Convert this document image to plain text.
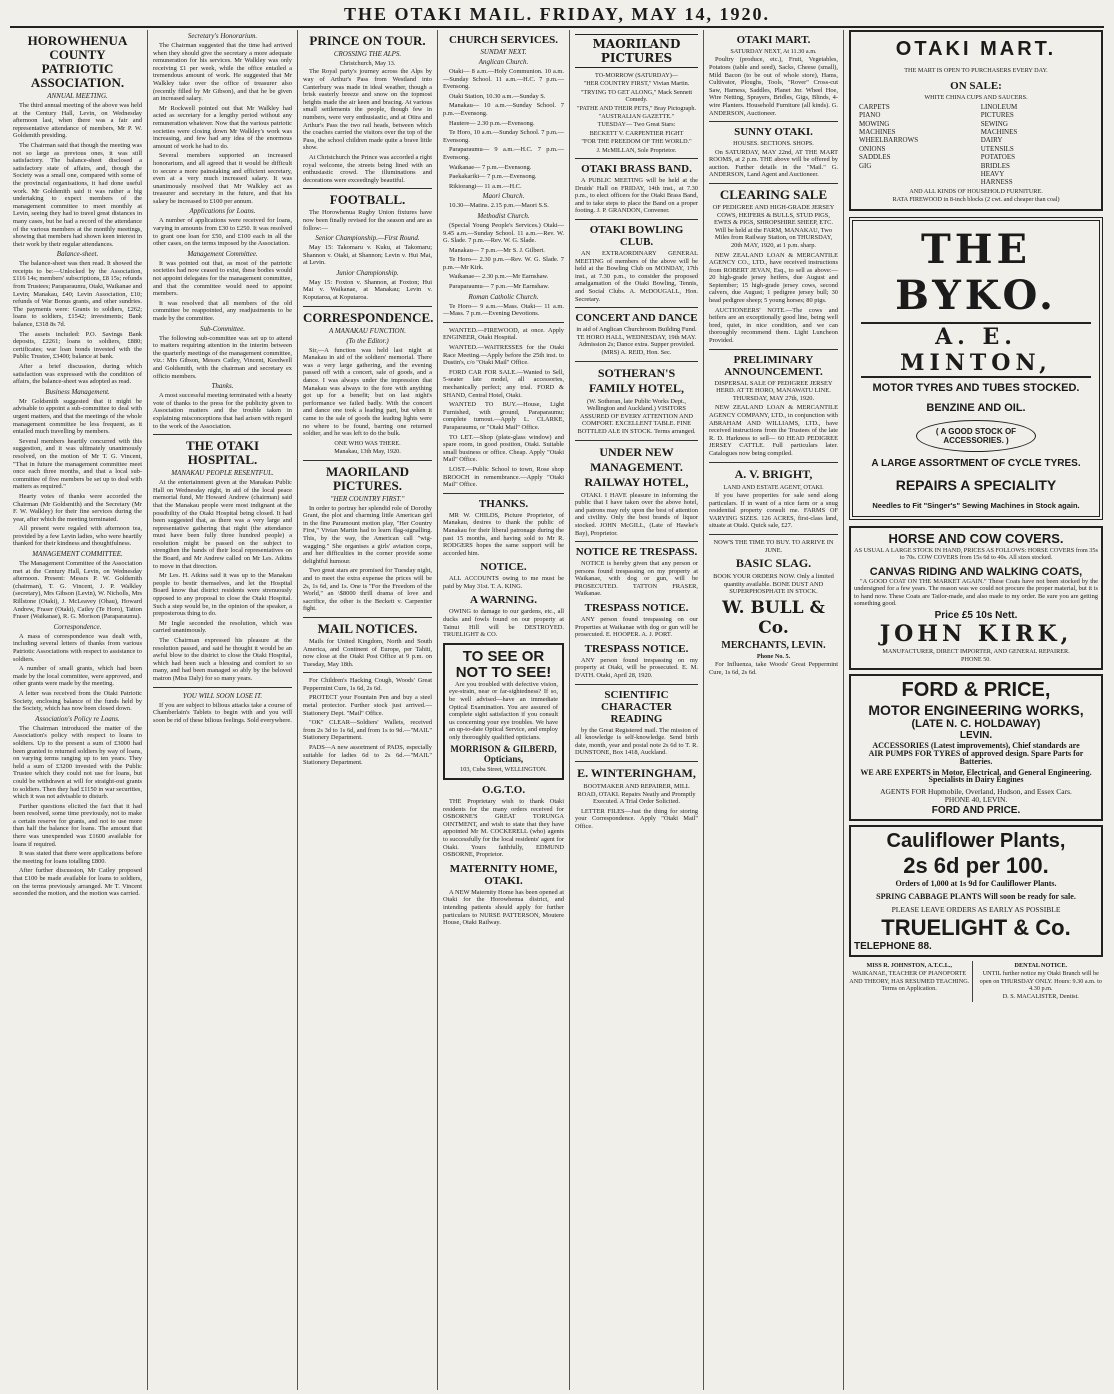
THE OTAKI MAIL. FRIDAY, MAY 14, 1920.
HOROWHENUA COUNTY PATRIOTIC ASSOCIATION.
ANNUAL MEETING.

The third annual meeting of the above was held at the Century Hall, Levin, on Wednesday afternoon last, when there was a fair and representative attendance of members, Mr P. W. Goldsmith presiding.

The Chairman said that though the meeting was not so large as previous ones, it was still satisfactory. The balance-sheet disclosed a satisfactory state of affairs, and, though the Society was a small one, compared with some of the provincial organisations, it had done useful work. Mr Goldsmith said it was rather a big undertaking to expect members of the management committee to meet monthly at Levin, seeing they had to travel great distances in many cases, but he had a record of the attendance of the various members at the monthly meetings, showing that members had shown keen interest in their work by their regular attendances.

Balance-sheet.

The balance-sheet was then read. It showed the receipts to be:—Unlocked by the Association, £116 14s; members' subscriptions, £8 15s; refunds from Trustees; Paraparaumu, Otaki, Waikanae and Levin; Manakau, £40; Levin Association, £10; refunds of War Bonus grants, and other sundries. The payments were: Grants to soldiers, £262; loans to soldiers, £1542; investments; Bank balance, £318 8s 7d.

The assets included: P.O. Savings Bank deposits, £2261; loans to soldiers, £880; certificates; war loan bonds invested with the Public Trustee, £3400; balance at bank.

After a brief discussion, during which satisfaction was expressed with the condition of affairs, the balance-sheet was adopted as read.

Business Management.

Mr Goldsmith suggested that it might be advisable to appoint a sub-committee to deal with urgent matters, and that the meetings of the whole management committee be less frequent, as it entailed much travelling by members.

Several members heartily concurred with this suggestion, and it was ultimately unanimously resolved, on the motion of Mr T. G. Vincent, "That in future the management committee meet once each three months, and that a local sub-committee of five members be set up to deal with matters as required."

Hearty votes of thanks were accorded the Chairman (Mr Goldsmith) and the Secretary (Mr F. W. Walkley) for their fine services during the year, after which the meeting terminated.

All present were regaled with afternoon tea, provided by a few Levin ladies, who were heartily thanked for their kindness and thoughtfulness.

MANAGEMENT COMMITTEE.

The Management Committee of the Association met at the Century Hall, Levin, on Wednesday afternoon. Present: Messrs P. W. Goldsmith (chairman), T. G. Vincent, J. P. Walkley (secretary), Mrs Gibson (Levin), W. Nicholls, Mrs Rillstone (Otaki), J. McLeavey (Ohau), Howard Andrew, Fraser (Otaki), Catley (Te Horo), Tatton Fraser (Waikanae), R. G. Morison (Paraparaumu).

Correspondence.

A mass of correspondence was dealt with, including several letters of thanks from various Patriotic Associations with respect to assistance to soldiers.

A number of small grants, which had been made by the local committee, were approved, and other grants were made by the meeting.

A letter was received from the Otaki Patriotic Society, enclosing balance of the funds held by the Society, which has now been closed down.

Association's Policy re Loans.

The Chairman introduced the matter of the Association's policy with respect to loans to soldiers. Up to the present a sum of £3000 had been granted to returned soldiers by way of loans, on varying terms ranging up to ten years. They held a sum of £3200 invested with the Public Trustee which they could not use for loans, but could be withdrawn at will for straight-out grants to soldiers. Then they had £1150 in war securities, which it was not advisable to disturb.

Further questions elicited the fact that it had been resolved, some time previously, not to make a certain reserve for grants, and not to use more than half the balance for loans. The amount that there was unexpended was £1600 available for loans if required.

It was stated that there were applications before the meeting for loans totalling £800.

After further discussion, Mr Catley proposed that £100 be made available for loans to soldiers, on the terms previously arranged. Mr T. Vincent seconded the motion, and the motion was carried.

Secretary's Honorarium.

The Chairman suggested that the time had arrived when they should give the secretary a more adequate remuneration for his services. Mr Walkley was only receiving £1 per week, while the office entailed a tremendous amount of work. He suggested that Mr Walkley take over the office of treasurer also (recently filled by Mr Gibson), and that he be given an increased salary.

Mr Rockwell pointed out that Mr Walkley had acted as secretary for a lengthy period without any remuneration whatever. Now that the various patriotic societies were closing down Mr Walkley's work was increasing, and few had any idea of the enormous amount of work he had to do.

Several members supported an increased honorarium, and all agreed that it would be difficult to secure a more painstaking and efficient secretary, even at a very much increased salary. It was unanimously resolved that Mr Walkley act as treasurer and secretary in the future, and that his salary be increased to £100 per annum.

Applications for Loans.

A number of applications were received for loans, varying in amounts from £30 to £250. It was resolved to grant one loan for £50, and £100 each in all the other cases, on the terms imposed by the Association.

Management Committee.

It was pointed out that, as most of the patriotic societies had now ceased to exist, these bodies would not appoint delegates for the management committee, and that the committee would need to appoint members.

It was resolved that all members of the old committee be reappointed, any readjustments to be made by the committee.

Sub-Committee.

The following sub-committee was set up to attend to matters requiring attention in the interim between the quarterly meetings of the management committee, viz.: Mrs Gibson, Messrs Catley, Vincent, Keedwell and Goldsmith, with the chairman and secretary ex officio members.

Thanks.

A most successful meeting terminated with a hearty vote of thanks to the press for the publicity given to Association matters and the trouble taken in explaining misconceptions that had arisen with regard to the work of the Association.

THE OTAKI HOSPITAL.
MANAKAU PEOPLE RESENTFUL.

At the entertainment given at the Manakau Public Hall on Wednesday night, in aid of the local peace memorial fund, Mr Howard Andrew (chairman) said that the Manakau people were most indignant at the possibility of the Otaki Hospital being closed. It had been suggested that, as there was a very large and representative gathering that night (the attendance must have been fully three hundred people) a resolution might be passed on the subject to strengthen the hands of their local representatives on the Board, and Mr Andrew called on Mr Les. Atkins to move in that direction.

Mr Les. H. Atkins said it was up to the Manakau people to bestir themselves, and let the Hospital Board know that district residents were strenuously opposed to any proposal to close the Otaki Hospital. Such a step would be, in the opinion of the speaker, a preposterous thing to do.

Mr Ingle seconded the resolution, which was carried unanimously.

The Chairman expressed his pleasure at the resolution passed, and said he thought it would be an awful blow to the district to close the Otaki Hospital, which had been such a blessing and comfort to so many, and had been managed so ably by the beloved matron (Miss Daly) for so many years.

YOU WILL SOON LOSE IT.

If you are subject to bilious attacks take a course of Chamberlain's Tablets to begin with and you will soon be rid of these bilious feelings. Sold everywhere.

PRINCE ON TOUR.
CROSSING THE ALPS.
Christchurch, May 13.

The Royal party's journey across the Alps by way of Arthur's Pass from Westland into Canterbury was made in ideal weather, though a brisk easterly breeze and snow on the topmost heights made the air keen and bracing. At various small settlements the people, though few in numbers, were very enthusiastic, and at Otira and Arthur's Pass the two rail heads, between which the coaches carried the visitors over the top of the Pass, the school children made quite a brave little show.

At Christchurch the Prince was accorded a right royal welcome, the streets being lined with an enthusiastic crowd. The illuminations and decorations were exceedingly beautiful.

FOOTBALL.

The Horowhenua Rugby Union fixtures have now been finally revised for the season and are as follow:—

Senior Championship.—First Round.

May 15: Takomaru v. Kuku, at Takomaru; Shannon v. Otaki, at Shannon; Levin v. Hui Mai, at Levin.

Junior Championship.

May 15: Foxton v. Shannon, at Foxton; Hui Mai v. Waikanae, at Manakau; Levin v. Koputaroa, at Koputaroa.

CORRESPONDENCE.
A MANAKAU FUNCTION.
(To the Editor.)

Sir,—A function was held last night at Manakau in aid of the soldiers' memorial. There was a very large gathering, and the evening passed off with a concert, sale of goods, and a dance. I was always under the impression that Manakau was always to the fore with anything got up for a benefit; but on last night's performance we failed badly. With the concert and dance one took a leading part, but when it came to the sale of goods the leading lights were no where to be found, barring one returned soldier, and he was left to do the bulk.

ONE WHO WAS THERE.
Manakau, 13th May, 1920.
MAORILAND PICTURES.
"HER COUNTRY FIRST."

In order to portray her splendid role of Dorothy Grant, the plot and charming little American girl in the fine Paramount motion play, "Her Country First," Vivian Martin had to learn flag-signalling. This, by the way, the American call "wig-wagging." She organises a girls' aviation corps, and her difficulties in the corner provide some delightful humour.

Two great stars are promised for Tuesday night, and to meet the extra expense the prices will be 2s, 1s 6d, and 1s. One is "For the Freedom of the World," an \$8000 thrill drama of love and sacrifice, the other is the Beckett v. Carpentier fight.

MAIL NOTICES.

Mails for United Kingdom, North and South America, and Continent of Europe, per Tahiti, now close at the Otaki Post Office at 9 p.m. on Tuesday, May 18th.

For Children's Hacking Cough, Woods' Great Peppermint Cure, 1s 6d, 2s 6d.

PROTECT your Fountain Pen and buy a steel metal protector. Further stock just arrived.—Stationery Dept. "Mail" Office.

"OK" CLEAR—Soldiers' Wallets, received from 2s 3d to 1s 6d, and from 1s to 9d.—"MAIL" Stationery Department.

PADS—A new assortment of PADS, especially suitable for ladies 6d to 2s 6d.—"MAIL" Stationery Department.

CHURCH SERVICES.
SUNDAY NEXT.
Anglican Church.

Otaki— 8 a.m.—Holy Communion. 10 a.m.—Sunday School. 11 a.m.—H.C. 7 p.m.—Evensong.

Otaki Station, 10.30 a.m.—Sunday S.

Manakau— 10 a.m.—Sunday School. 7 p.m.—Evensong.

Hautere— 2.30 p.m.—Evensong.

Te Horo, 10 a.m.—Sunday School. 7 p.m.—Evensong.

Paraparaumu— 9 a.m.—H.C. 7 p.m.—Evensong.

Waikanae— 7 p.m.—Evensong.

Paekakariki— 7 p.m.—Evensong.

Rikiorangi— 11 a.m.—H.C.

Maori Church.

10.30—Matins. 2.15 p.m.—Maori S.S.

Methodist Church.

(Special Young People's Services.) Otaki— 9.45 a.m.—Sunday School. 11 a.m.—Rev. W. G. Slade. 7 p.m.—Rev. W. G. Slade.

Manakau— 7 p.m.—Mr S. J. Gilbert.

Te Horo— 2.30 p.m.—Rev. W. G. Slade. 7 p.m.—Mr Kirk.

Waikanae— 2.30 p.m.—Mr Earnshaw.

Paraparaumu— 7 p.m.—Mr Earnshaw.

Roman Catholic Church.

Te Horo— 9 a.m.—Mass. Otaki— 11 a.m.—Mass. 7 p.m.—Evening Devotions.

WANTED.—FIREWOOD, at once. Apply ENGINEER, Otaki Hospital.

WANTED.—WAITRESSES for the Otaki Race Meeting.—Apply before the 25th inst. to Dustin's, c/o "Otaki Mail" Office.

FORD CAR FOR SALE.—Wanted to Sell, 5-seater late model, all accessories, mechanically perfect; any trial. FORD & SHAND, Central Hotel, Otaki.

WANTED TO BUY.—House, Light Furnished, with ground, Paraparaumu; complete turnout.—Apply L. CLARKE, Paraparaumu, or "Otaki Mail" Office.

TO LET.—Shop (plate-glass window) and spare room, in good position, Otaki. Suitable small business or office. Cheap. Apply "Otaki Mail" Office.

LOST.—Public School to town, Rose shop BROOCH in remembrance.—Apply "Otaki Mail" Office.

THANKS.

MR W. CHILDS, Picture Proprietor, of Manakau, desires to thank the public of Manakau for their liberal patronage during the past 15 months, and having sold to Mr R. RODGERS hopes the same support will be accorded him.

NOTICE.

ALL ACCOUNTS owing to me must be paid by May 31st. T. A. KING.

A WARNING.

OWING to damage to our gardens, etc., all ducks and fowls found on our property at Tainui Hill will be DESTROYED. TRUELIGHT & CO.

TO SEE OR NOT TO SEE!

Are you troubled with defective vision, eye-strain, near or far-sightedness? If so, be well advised—have an immediate Optical Examination. You are assured of complete sight satisfaction if you consult us concerning your eye troubles. We have an up-to-date Optical Service, and employ only thoroughly qualified opticians.

MORRISON & GILBERD, Opticians,
103, Cuba Street, WELLINGTON.
O.G.T.O.

THE Proprietary wish to thank Otaki residents for the many orders received for OSBORNE'S GREAT TORUNGA OINTMENT, and wish to state that they have appointed Mr M. COCKERELL (who) agents to successfully for the local residents' agent for Otaki. Yours faithfully, EDMUND OSBORNE, Proprietor.

MATERNITY HOME, OTAKI.

A NEW Maternity Home has been opened at Otaki for the Horowhenua district, and intending patients should apply for further particulars to NURSE PATTERSON, Moutere House, Otaki Railway.

MAORILAND PICTURES
TO-MORROW (SATURDAY)—
"HER COUNTRY FIRST," Vivian Martin.
"TRYING TO GET ALONG," Mack Sennett Comedy.
"PATHE AND THEIR PETS," Bray Pictograph.
"AUSTRALIAN GAZETTE."
TUESDAY— Two Great Stars:
BECKETT V. CARPENTIER FIGHT
"FOR THE FREEDOM OF THE WORLD."
J. McMILLAN, Sole Proprietor.
OTAKI BRASS BAND.

A PUBLIC MEETING will be held at the Druids' Hall on FRIDAY, 14th inst., at 7.30 p.m., to elect officers for the Otaki Brass Band, and to take steps to place the Band on a proper footing. J. P. GRANDON, Convener.

OTAKI BOWLING CLUB.

AN EXTRAORDINARY GENERAL MEETING of members of the above will be held at the Bowling Club on MONDAY, 17th inst., at 7.30 p.m., to consider the proposed amalgamation of the Otaki Bowling, Tennis, and Social Clubs. A. McDOUGALL, Hon. Secretary.

CONCERT AND DANCE

in aid of Anglican Churchroom Building Fund. TE HORO HALL, WEDNESDAY, 19th MAY. Admission 2s; Dance extra. Supper provided. (MRS) A. REID, Hon. Sec.

SOTHERAN'S FAMILY HOTEL,

(W. Sotheran, late Public Works Dept., Wellington and Auckland.) VISITORS ASSURED OF EVERY ATTENTION AND COMFORT. EXCELLENT TABLE. FINE BOTTLED ALE IN STOCK. Terms arranged.

UNDER NEW MANAGEMENT. RAILWAY HOTEL,

OTAKI. I HAVE pleasure in informing the public that I have taken over the above hotel, and patrons may rely upon the best of attention and civility. Only the best brands of liquor stocked. JOHN McGILL, (Late of Hawke's Bay), Proprietor.

NOTICE RE TRESPASS.

NOTICE is hereby given that any person or persons found trespassing on my property at Waikanae, with dog or gun, will be PROSECUTED. TATTON FRASER, Waikanae.

TRESPASS NOTICE.

ANY person found trespassing on our Properties at Waikanae with dog or gun will be prosecuted. E. HOOPER. A. J. PORT.

TRESPASS NOTICE.

ANY person found trespassing on my property at Otaki, will be prosecuted. E. M. D'ATH. Otaki, April 28, 1920.

SCIENTIFIC CHARACTER READING

by the Great Registered mail. The mission of all knowledge is self-knowledge. Send birth date, month, year and postal note 2s 6d to T. R. DUNSTONE, Box 1418, Auckland.

E. WINTERINGHAM,

BOOTMAKER AND REPAIRER, MILL ROAD, OTAKI. Repairs Neatly and Promptly Executed. A Trial Order Solicited.

LETTER FILES—Just the thing for storing your Correspondence. Apply "Otaki Mail" Office.

OTAKI MART.
SATURDAY NEXT, At 11.30 a.m.

Poultry (produce, etc.), Fruit, Vegetables, Potatoes (table and seed), Sacks, Cheese (small), Mild Bacon (to be out of whole store), Hams, Cultivator, Ploughs, Tools, "Rover" Cross-cut Saw, Harness, Saddles, Planet Jnr. Wheel Hoe, Wire Netting, Sprayers, Bridles, Gigs, Blinds, 4-wire Planters. Household Furniture (all kinds). G. ANDERSON, Auctioneer.

SUNNY OTAKI.
HOUSES. SECTIONS. SHOPS.

On SATURDAY, MAY 22nd, AT THE MART ROOMS, at 2 p.m. THE above will be offered by auction. Further details in the "Mail." G. ANDERSON, Land Agent and Auctioneer.

CLEARING SALE

OF PEDIGREE AND HIGH-GRADE JERSEY COWS, HEIFERS & BULLS, STUD PIGS, EWES & PIGS, SHROPSHIRE SHEEP, ETC. Will be held at the FARM, MANAKAU, Two Miles from Railway Station, on THURSDAY, 20th MAY, 1920, at 1 p.m. sharp.

NEW ZEALAND LOAN & MERCANTILE AGENCY CO., LTD., have received instructions from ROBERT JEVAN, Esq., to sell as above:— 20 high-grade jersey heifers, due August and September; 15 high-grade jersey cows, second calvers, due August; 1 pedigree jersey bull; 30 head pedigree sheep; 5 young horses; 80 pigs.

AUCTIONEERS' NOTE.—The cows and heifers are an exceptionally good line, being well bred, quiet, in nice condition, and we can thoroughly recommend them. Light Luncheon Provided.

PRELIMINARY ANNOUNCEMENT.

DISPERSAL SALE OF PEDIGREE JERSEY HERD. AT TE HORO, MANAWATU LINE. THURSDAY, MAY 27th, 1920.

NEW ZEALAND LOAN & MERCANTILE AGENCY COMPANY, LTD., in conjunction with ABRAHAM AND WILLIAMS, LTD., have received instructions from the Trustees of the late R. D. Harkness to sell— 60 HEAD PEDIGREE JERSEY CATTLE. Full particulars later. Catalogues now being compiled.

A. V. BRIGHT,
LAND AND ESTATE AGENT, OTAKI.

If you have properties for sale send along particulars. If in want of a nice farm or a snug residential property consult me. FARMS OF VARYING SIZES. 126 ACRES, first-class land, situate at Otaki. Quick sale, £27.

NOW'S THE TIME TO BUY. TO ARRIVE IN JUNE.

BASIC SLAG.

BOOK YOUR ORDERS NOW. Only a limited quantity available. BONE DUST AND SUPERPHOSPHATE IN STOCK.

W. BULL & Co.
MERCHANTS, LEVIN.
Phone No. 5.

For Influenza, take Woods' Great Peppermint Cure, 1s 6d, 2s 6d.

OTAKI MART.
THE MART IS OPEN TO PURCHASERS EVERY DAY.
ON SALE:
WHITE CHINA CUPS AND SAUCERS.
CARPETS
PIANO
MOWING MACHINES
WHEELBARROWS
ONIONS
SADDLES
GIG
LINOLEUM
PICTURES
SEWING MACHINES
DAIRY UTENSILS
POTATOES
BRIDLES
HEAVY HARNESS
AND ALL KINDS OF HOUSEHOLD FURNITURE.
RATA FIREWOOD in 8-inch blocks (2 cwt. and cheaper than coal)
THE BYKO.
A. E. MINTON,
MOTOR TYRES AND TUBES STOCKED.
BENZINE AND OIL.
( A GOOD STOCK OF ACCESSORIES. )
A LARGE ASSORTMENT OF CYCLE TYRES.
REPAIRS A SPECIALITY
Needles to Fit "Singer's" Sewing Machines in Stock again.
HORSE AND COW COVERS.
AS USUAL A LARGE STOCK IN HAND, PRICES AS FOLLOWS: HORSE COVERS from 35s to 70s. COW COVERS from 15s 6d to 40s. All sizes stocked.
CANVAS RIDING AND WALKING COATS,

"A GOOD COAT ON THE MARKET AGAIN." These Coats have not been stocked by the undersigned for a few years. The reason was we could not procure the proper material, but it is to hand now. These Coats are Tailor-made, and also made to my order. Be sure you are getting something good.

Price £5 10s Nett.
JOHN KIRK,
MANUFACTURER, DIRECT IMPORTER, AND GENERAL REPAIRER.
PHONE 50.
FORD & PRICE,
MOTOR ENGINEERING WORKS,
(LATE N. C. HOLDAWAY)
LEVIN.
ACCESSORIES (Latest improvements), Chief standards are
AIR PUMPS FOR TYRES of approved design. Spare Parts for Batteries.
WE ARE EXPERTS in Motor, Electrical, and General Engineering. Specialists in Dairy Engines
AGENTS FOR Hupmobile, Overland, Hudson, and Essex Cars.
PHONE 40, LEVIN.
FORD AND PRICE.
Cauliflower Plants,
2s 6d per 100.
Orders of 1,000 at 1s 9d for Cauliflower Plants.
SPRING CABBAGE PLANTS Will soon be ready for sale.
PLEASE LEAVE ORDERS AS EARLY AS POSSIBLE
TRUELIGHT & Co.
TELEPHONE 88.
MISS R. JOHNSTON, A.T.C.L.,
WAIKANAE, TEACHER OF PIANOFORTE AND THEORY, HAS RESUMED TEACHING. Terms on Application.
DENTAL NOTICE.
UNTIL further notice my Otaki Branch will be open on THURSDAY ONLY. Hours: 9.30 a.m. to 4.30 p.m.
D. S. MACALISTER, Dentist.
